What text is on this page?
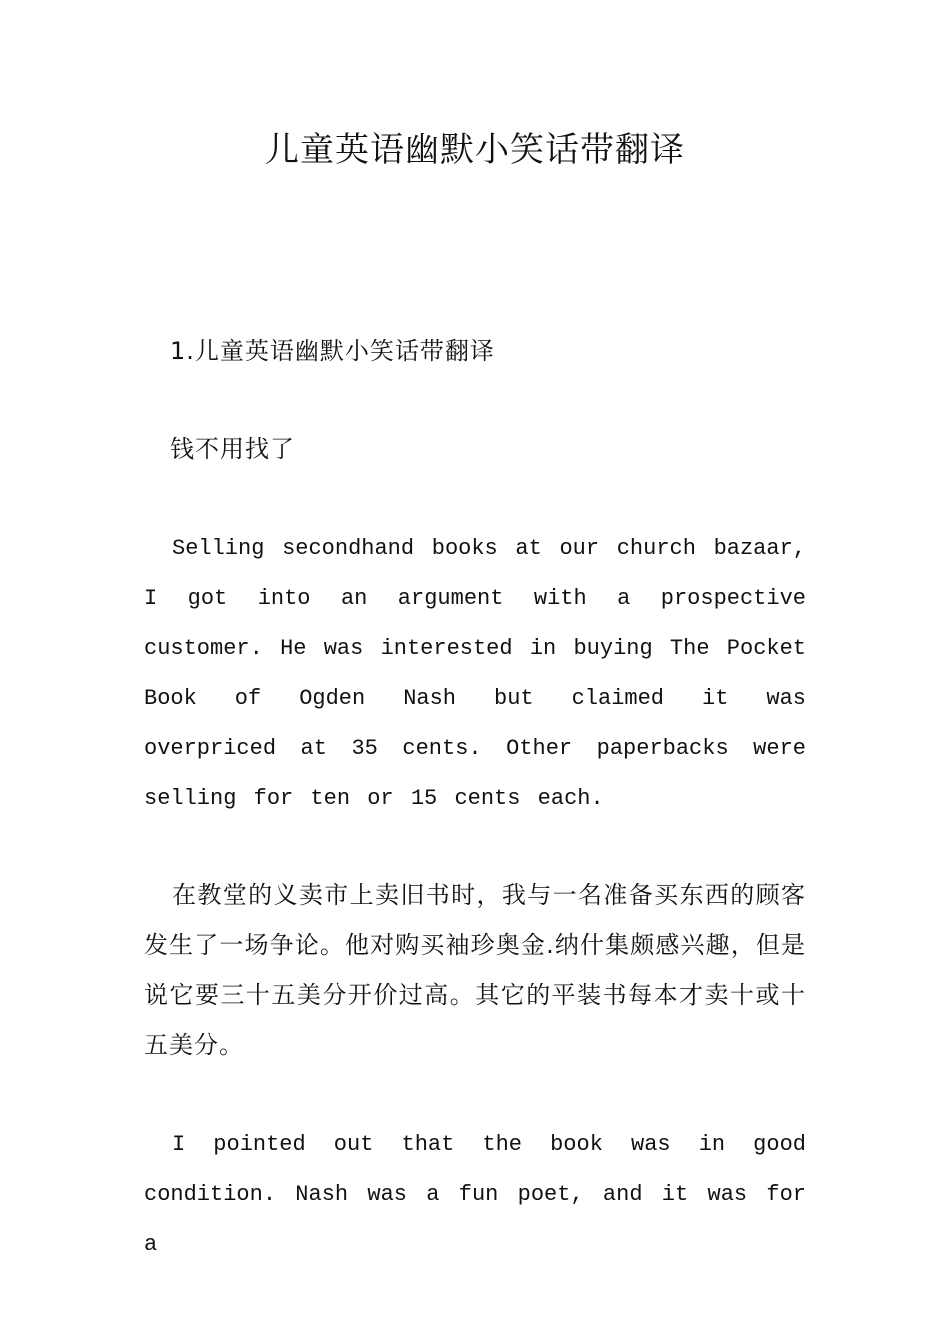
儿童英语幽默小笑话带翻译

1.儿童英语幽默小笑话带翻译

钱不用找了

Selling secondhand books at our church bazaar, I got into an argument with a prospective customer. He was interested in buying The Pocket Book of Ogden Nash but claimed it was overpriced at 35 cents. Other paperbacks were selling for ten or 15 cents each.

在教堂的义卖市上卖旧书时，我与一名准备买东西的顾客发生了一场争论。他对购买袖珍奥金.纳什集颇感兴趣，但是说它要三十五美分开价过高。其它的平装书每本才卖十或十五美分。

I pointed out that the book was in good condition. Nash was a fun poet, and it was for a
